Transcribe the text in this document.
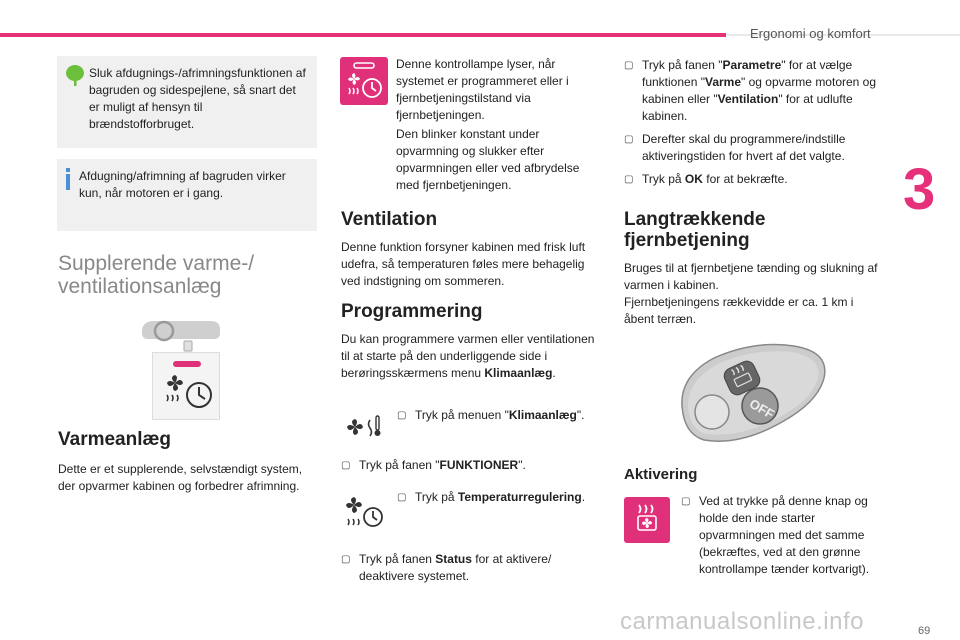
Ergonomi og komfort
3

Sluk afdugnings-/afrimningsfunktionen af bagruden og sidespejlene, så snart det er muligt af hensyn til brændstofforbruget.

Afdugning/afrimning af bagruden virker kun, når motoren er i gang.

Supplerende varme-/
ventilationsanlæg
Varmeanlæg
Dette er et supplerende, selvstændigt system, der opvarmer kabinen og forbedrer afrimning.
Denne kontrollampe lyser, når systemet er programmeret eller i fjernbetjeningstilstand via fjernbetjeningen.
Den blinker konstant under opvarmning og slukker efter opvarmningen eller ved afbrydelse med fjernbetjeningen.
Ventilation
Denne funktion forsyner kabinen med frisk luft udefra, så temperaturen føles mere behagelig ved indstigning om sommeren.
Programmering
Du kan programmere varmen eller ventilationen til at starte på den underliggende side i berøringsskærmens menu Klimaanlæg.
▢ Tryk på menuen "Klimaanlæg".
▢ Tryk på fanen "FUNKTIONER".
▢ Tryk på Temperaturregulering.
▢ Tryk på fanen Status for at aktivere/ deaktivere systemet.
▢ Tryk på fanen "Parametre" for at vælge funktionen "Varme" og opvarme motoren og kabinen eller "Ventilation" for at udlufte kabinen.
▢ Derefter skal du programmere/indstille aktiveringstiden for hvert af det valgte.
▢ Tryk på OK for at bekræfte.
Langtrækkende
fjernbetjening
Bruges til at fjernbetjene tænding og slukning af varmen i kabinen.
Fjernbetjeningens rækkevidde er ca. 1 km i åbent terræn.
OFF
Aktivering
▢ Ved at trykke på denne knap og holde den inde starter opvarmningen med det samme (bekræftes, ved at den grønne kontrollampe tænder kortvarigt).
carmanualsonline.info	69
